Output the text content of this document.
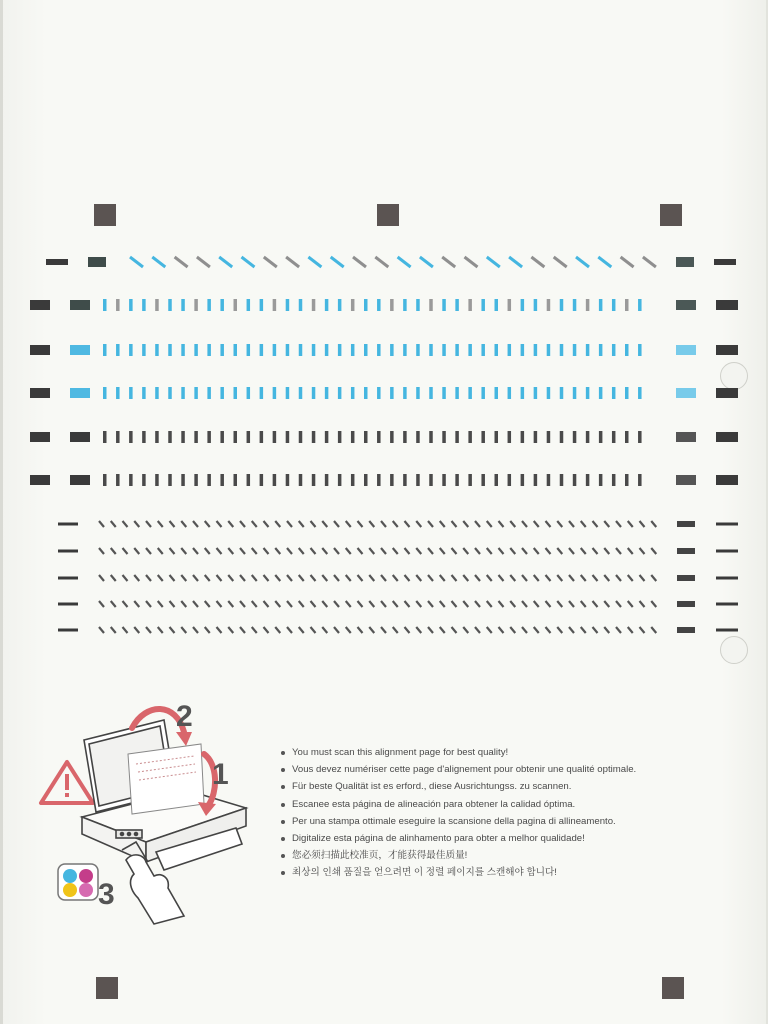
2
1
3
You must scan this alignment page for best quality!
Vous devez numériser cette page d'alignement pour obtenir une qualité optimale.
Für beste Qualität ist es erford., diese Ausrichtungss. zu scannen.
Escanee esta página de alineación para obtener la calidad óptima.
Per una stampa ottimale eseguire la scansione della pagina di allineamento.
Digitalize esta página de alinhamento para obter a melhor qualidade!
您必须扫描此校准页，才能获得最佳质量!
최상의 인쇄 품질을 얻으려면 이 정렬 페이지를 스캔해야 합니다!
